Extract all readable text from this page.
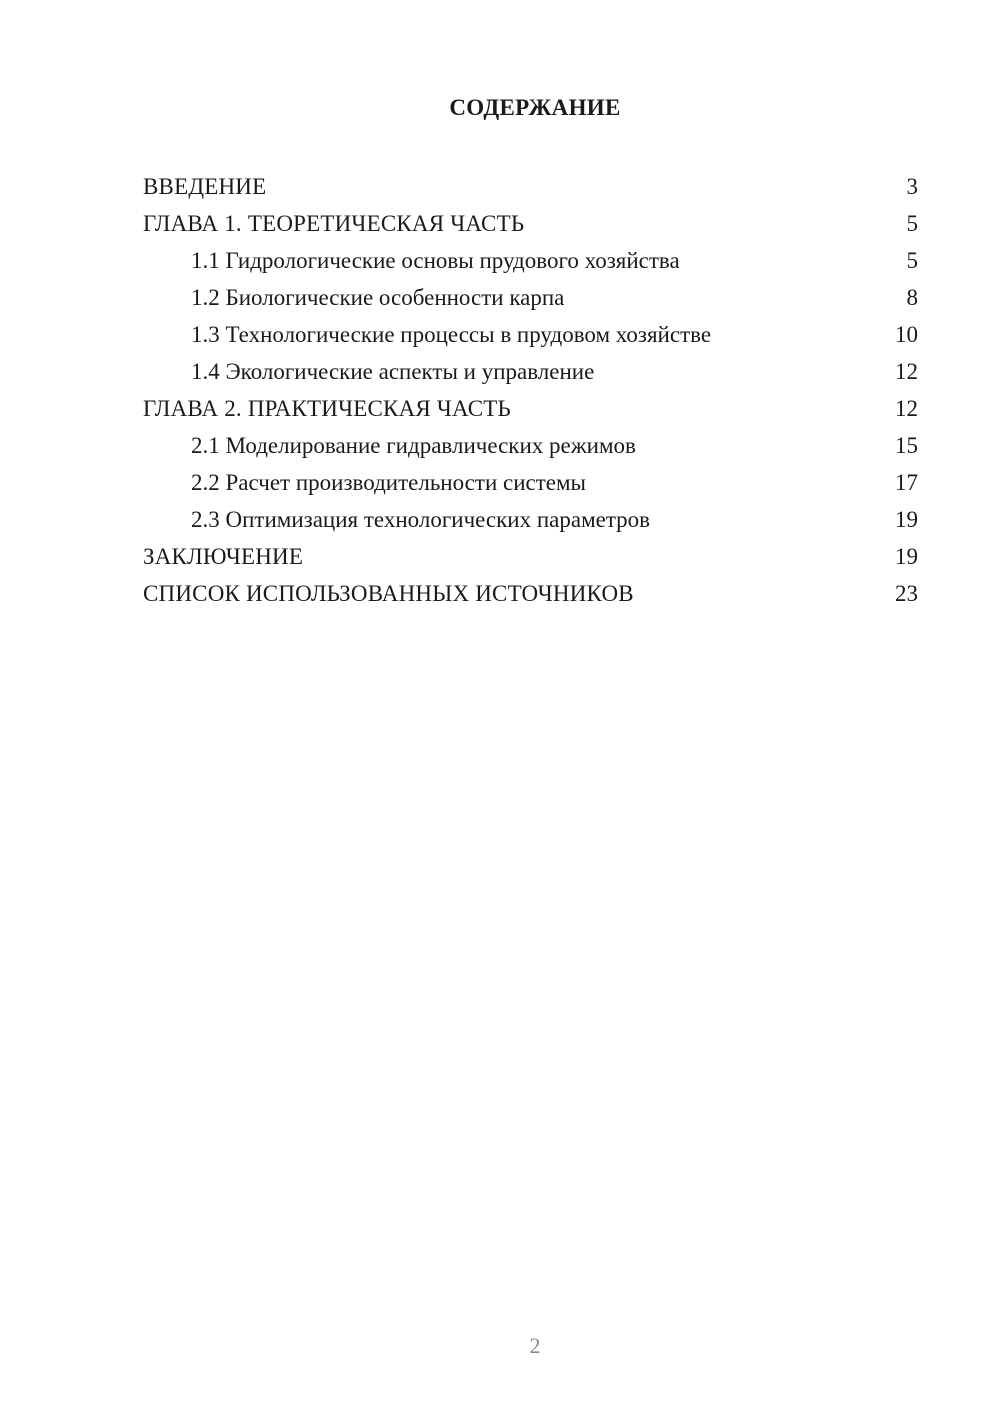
СОДЕРЖАНИЕ
ВВЕДЕНИЕ	3
ГЛАВА 1. ТЕОРЕТИЧЕСКАЯ ЧАСТЬ	5
1.1 Гидрологические основы прудового хозяйства	5
1.2 Биологические особенности карпа	8
1.3 Технологические процессы в прудовом хозяйстве	10
1.4 Экологические аспекты и управление	12
ГЛАВА 2. ПРАКТИЧЕСКАЯ ЧАСТЬ	12
2.1 Моделирование гидравлических режимов	15
2.2 Расчет производительности системы	17
2.3 Оптимизация технологических параметров	19
ЗАКЛЮЧЕНИЕ	19
СПИСОК ИСПОЛЬЗОВАННЫХ ИСТОЧНИКОВ	23
2
